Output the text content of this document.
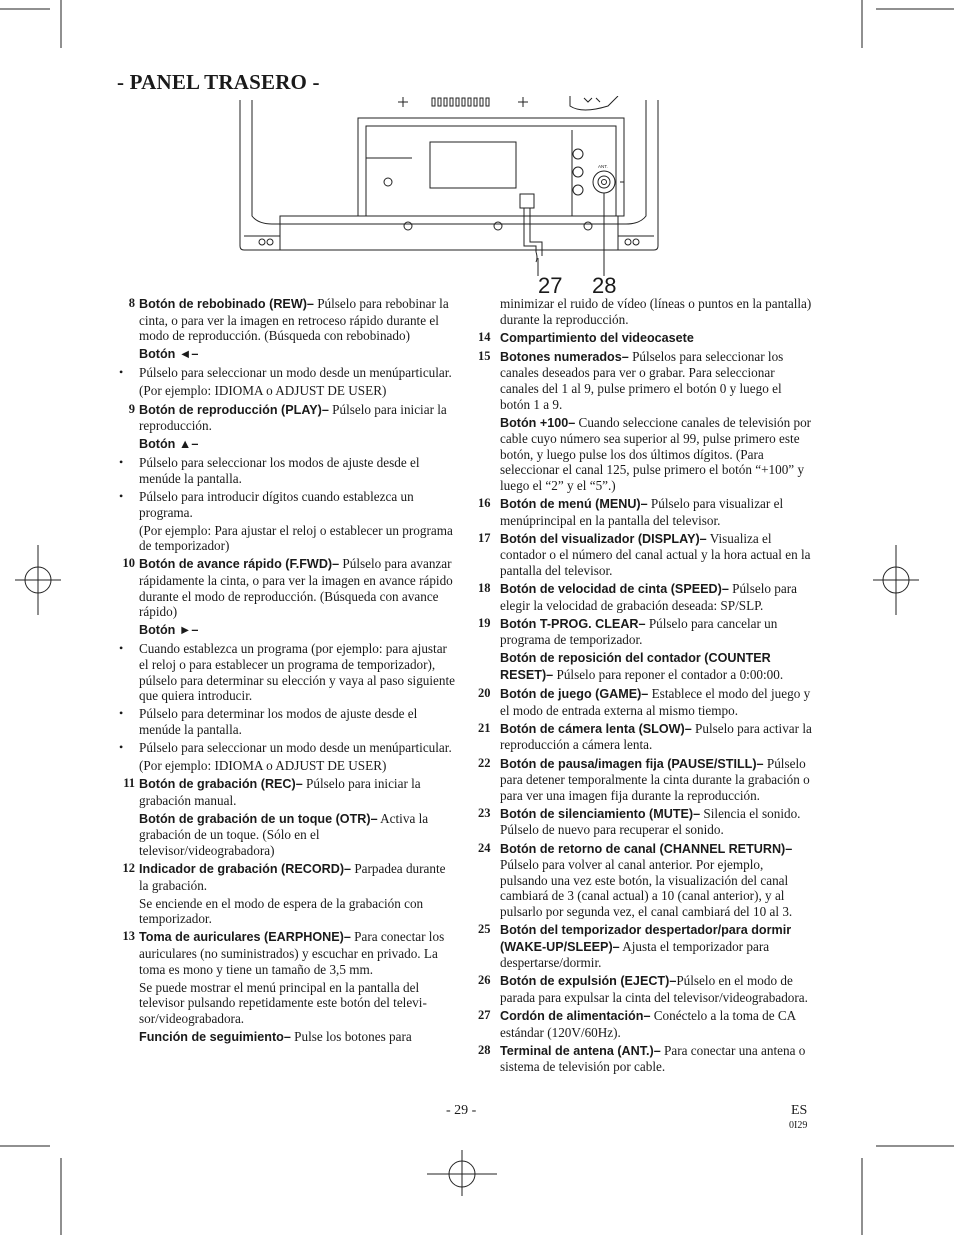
- PANEL TRASERO -
ANT.
27 28
8 Botón de rebobinado (REW)– Púlselo para rebobinar la cinta, o para ver la imagen en retroceso rápido durante el modo de reproducción. (Búsqueda con rebobinado)
Botón ◄–
• Púlselo para seleccionar un modo desde un menúparticular.
(Por ejemplo: IDIOMA o ADJUST DE USER)
9 Botón de reproducción (PLAY)– Púlselo para iniciar la reproducción.
Botón ▲–
• Púlselo para seleccionar los modos de ajuste desde el menúde la pantalla.
• Púlselo para introducir dígitos cuando establezca un programa.
(Por ejemplo: Para ajustar el reloj o establecer un programa de temporizador)
10 Botón de avance rápido (F.FWD)– Púlselo para avanzar rápidamente la cinta, o para ver la imagen en avance rápido durante el modo de reproducción. (Búsqueda con avance rápido)
Botón ►–
• Cuando establezca un programa (por ejemplo: para ajustar el reloj o para establecer un programa de temporizador), púlselo para determinar su elección y vaya al paso siguiente que quiera introducir.
• Púlselo para determinar los modos de ajuste desde el menúde la pantalla.
• Púlselo para seleccionar un modo desde un menúparticular.
(Por ejemplo: IDIOMA o ADJUST DE USER)
11 Botón de grabación (REC)– Púlselo para iniciar la grabación manual.
Botón de grabación de un toque (OTR)– Activa la grabación de un toque. (Sólo en el televisor/videograbadora)
12 Indicador de grabación (RECORD)– Parpadea durante la grabación.
Se enciende en el modo de espera de la grabación con temporizador.
13 Toma de auriculares (EARPHONE)– Para conectar los auriculares (no suministrados) y escuchar en privado. La toma es mono y tiene un tamaño de 3,5 mm.
Se puede mostrar el menú principal en la pantalla del televisor pulsando repetidamente este botón del televisor/videograbadora.
Función de seguimiento– Pulse los botones para
minimizar el ruido de vídeo (líneas o puntos en la pantalla) durante la reproducción.
14 Compartimiento del videocasete
15 Botones numerados– Púlselos para seleccionar los canales deseados para ver o grabar. Para seleccionar canales del 1 al 9, pulse primero el botón 0 y luego el botón 1 a 9.
Botón +100– Cuando seleccione canales de televisión por cable cuyo número sea superior al 99, pulse primero este botón, y luego pulse los dos últimos dígitos. (Para seleccionar el canal 125, pulse primero el botón “+100” y luego el “2” y el “5”.)
16 Botón de menú (MENU)– Púlselo para visualizar el menúprincipal en la pantalla del televisor.
17 Botón del visualizador (DISPLAY)– Visualiza el contador o el número del canal actual y la hora actual en la pantalla del televisor.
18 Botón de velocidad de cinta (SPEED)– Púlselo para elegir la velocidad de grabación deseada: SP/SLP.
19 Botón T-PROG. CLEAR– Púlselo para cancelar un programa de temporizador.
Botón de reposición del contador (COUNTER RESET)– Púlselo para reponer el contador a 0:00:00.
20 Botón de juego (GAME)– Establece el modo del juego y el modo de entrada externa al mismo tiempo.
21 Botón de cámera lenta (SLOW)– Pulselo para activar la reproducción a cámera lenta.
22 Botón de pausa/imagen fija (PAUSE/STILL)– Púlselo para detener temporalmente la cinta durante la grabación o para ver una imagen fija durante la reproducción.
23 Botón de silenciamiento (MUTE)– Silencia el sonido. Púlselo de nuevo para recuperar el sonido.
24 Botón de retorno de canal (CHANNEL RETURN)– Púlselo para volver al canal anterior. Por ejemplo, pulsando una vez este botón, la visualización del canal cambiará de 3 (canal actual) a 10 (canal anterior), y al pulsarlo por segunda vez, el canal cambiará del 10 al 3.
25 Botón del temporizador despertador/para dormir (WAKE-UP/SLEEP)– Ajusta el temporizador para despertarse/dormir.
26 Botón de expulsión (EJECT)–Púlselo en el modo de parada para expulsar la cinta del televisor/videograbadora.
27 Cordón de alimentación– Conéctelo a la toma de CA estándar (120V/60Hz).
28 Terminal de antena (ANT.)– Para conectar una antena o sistema de televisión por cable.
- 29 -	ES
0I29
